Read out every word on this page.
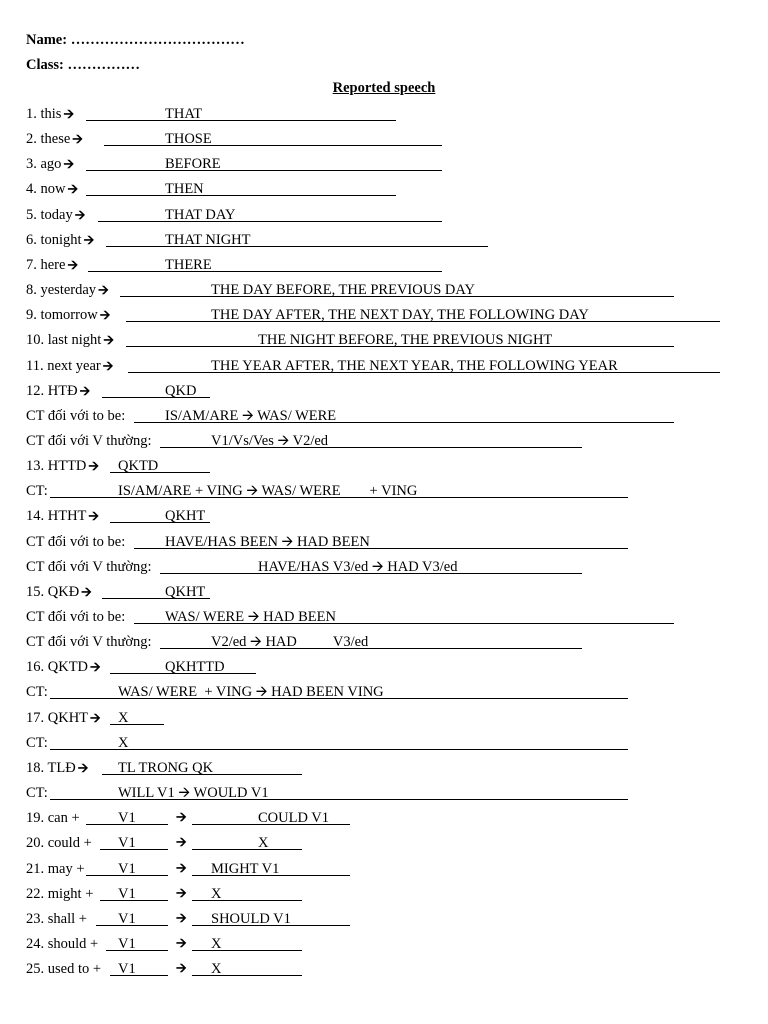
Name: ………………………………
Class: ……………
Reported speech
1. this 🡪	THAT
2. these 🡪	THOSE
3. ago 🡪	BEFORE
4. now 🡪	THEN
5. today 🡪	THAT DAY
6. tonight 🡪	THAT NIGHT
7. here 🡪	THERE
8. yesterday 🡪	THE DAY BEFORE, THE PREVIOUS DAY
9. tomorrow 🡪	THE DAY AFTER, THE NEXT DAY, THE FOLLOWING DAY
10. last night 🡪	THE NIGHT BEFORE, THE PREVIOUS NIGHT
11. next year 🡪	THE YEAR AFTER, THE NEXT YEAR, THE FOLLOWING YEAR
12. HTĐ 🡪	QKD
CT đối với to be:	IS/AM/ARE 🡪 WAS/ WERE
CT đối với V thường:	V1/Vs/Ves 🡪 V2/ed
13. HTTD 🡪 QKTD
CT:	IS/AM/ARE + VING 🡪 WAS/ WERE        + VING
14. HTHT 🡪	QKHT
CT đối với to be:	HAVE/HAS BEEN 🡪 HAD BEEN
CT đối với V thường:	HAVE/HAS V3/ed 🡪 HAD V3/ed
15. QKĐ 🡪	QKHT
CT đối với to be:	WAS/ WERE 🡪 HAD BEEN
CT đối với V thường:	V2/ed 🡪 HAD          V3/ed
16. QKTD 🡪	QKHTTD
CT:	WAS/ WERE  + VING 🡪 HAD BEEN VING
17. QKHT 🡪 X
CT:	X
18. TLĐ 🡪 TL TRONG QK
CT:	WILL V1 🡪 WOULD V1
19. can +	V1	🡪	COULD V1
20. could + V1	🡪	X
21. may + V1	🡪 MIGHT V1
22. might + V1	🡪 X
23. shall + V1	🡪 SHOULD V1
24. should + V1	🡪 X
25. used to + V1	🡪 X
